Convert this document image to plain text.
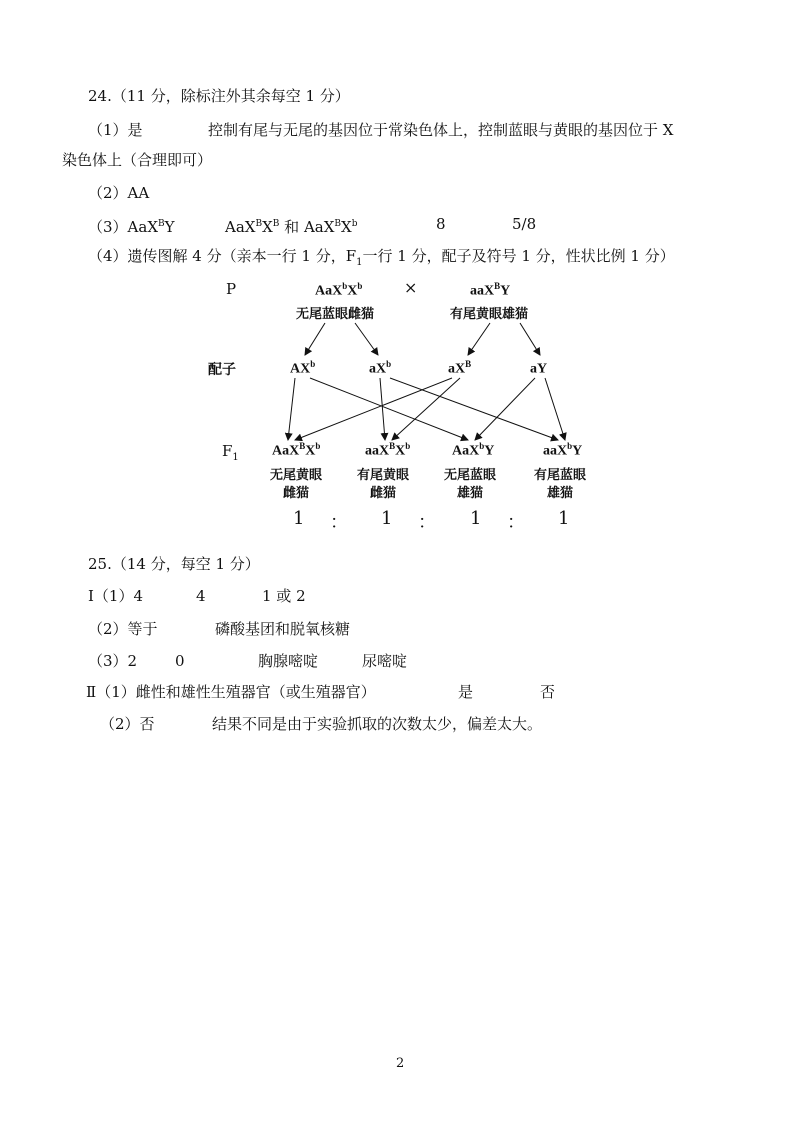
24.（11 分，除标注外其余每空 1 分）
（1）是	控制有尾与无尾的基因位于常染色体上，控制蓝眼与黄眼的基因位于 X
染色体上（合理即可）
（2）AA
（3）AaX$^B$Y	$AaX^BX^B$ 和 $AaX^BX^b$	8	5/8
（4）遗传图解 4 分（亲本一行 1 分，$F_1$一行 1 分，配子及符号 1 分，性状比例 1 分）
P	$AaX^bX^b$	×	aaX$^B$Y
无尾蓝眼雌猫	有尾黄眼雄猫
配子	$AX^b$	$aX^b$	$aX^B$	aY
$F_1$ $AaX^BX^b$	$aaX^BX^b$	AaX$^b$Y	aaX$^b$Y
无尾黄眼	有尾黄眼	无尾蓝眼	有尾蓝眼
雌猫	雌猫	雄猫	雄猫
1 ： 1 ： 1 ： 1
25.（14 分，每空 1 分）
Ⅰ（1）4	4	1 或 2
（2）等于	磷酸基团和脱氧核糖
（3）2	0	胸腺嘧啶	尿嘧啶
Ⅱ（1）雌性和雄性生殖器官（或生殖器官）	是	否
（2）否	结果不同是由于实验抓取的次数太少，偏差太大。
2
